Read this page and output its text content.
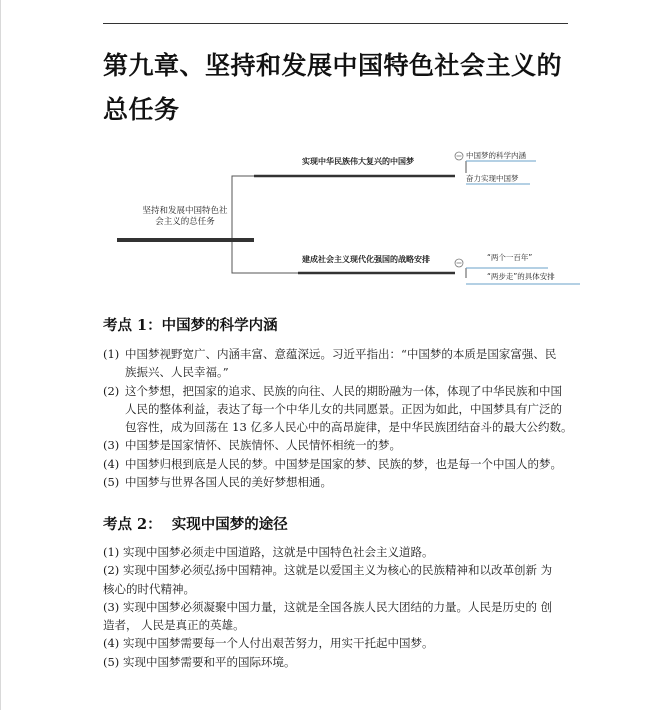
第九章、坚持和发展中国特色社会主义的总任务
坚持和发展中国特色社
会主义的总任务
实现中华民族伟大复兴的中国梦
中国梦的科学内涵
奋力实现中国梦
建成社会主义现代化强国的战略安排	“两个一百年”
“两步走”的具体安排
考点 1：中国梦的科学内涵
(1) 中国梦视野宽广、内涵丰富、意蕴深远。习近平指出：“中国梦的本质是国家富强、民
族振兴、人民幸福。”
(2) 这个梦想，把国家的追求、民族的向往、人民的期盼融为一体，体现了中华民族和中国
人民的整体利益，表达了每一个中华儿女的共同愿景。正因为如此，中国梦具有广泛的
包容性，成为回荡在 13 亿多人民心中的高昂旋律，是中华民族团结奋斗的最大公约数。
(3) 中国梦是国家情怀、民族情怀、人民情怀相统一的梦。
(4) 中国梦归根到底是人民的梦。中国梦是国家的梦、民族的梦，也是每一个中国人的梦。
(5) 中国梦与世界各国人民的美好梦想相通。
考点 2：  实现中国梦的途径
(1) 实现中国梦必须走中国道路，这就是中国特色社会主义道路。
(2) 实现中国梦必须弘扬中国精神。这就是以爱国主义为核心的民族精神和以改革创新 为
核心的时代精神。
(3) 实现中国梦必须凝聚中国力量，这就是全国各族人民大团结的力量。人民是历史的 创
造者， 人民是真正的英雄。
(4) 实现中国梦需要每一个人付出艰苦努力，用实干托起中国梦。
(5) 实现中国梦需要和平的国际环境。
